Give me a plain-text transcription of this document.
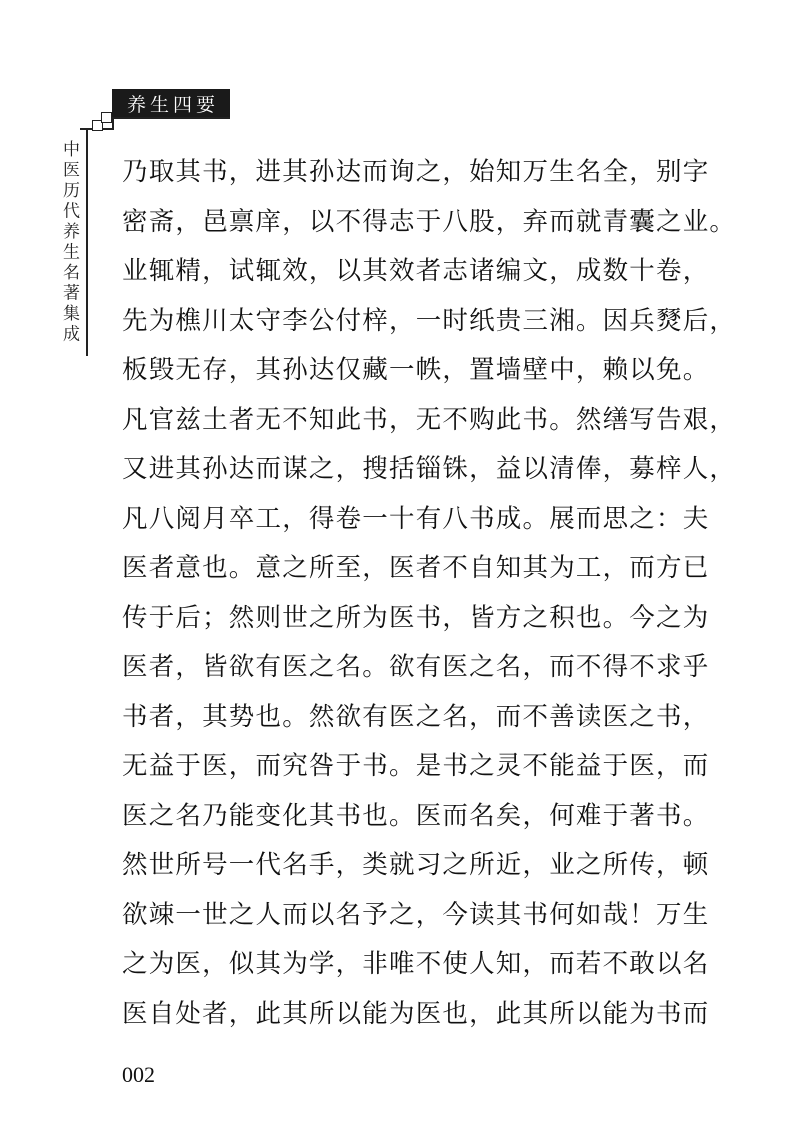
养生四要
中医历代养生名著集成 乃取其书，进其孙达而询之，始知万生名全，别字
密斋，邑禀庠，以不得志于八股，弃而就青囊之业。
业辄精，试辄效，以其效者志诸编文，成数十卷，
先为樵川太守李公付梓，一时纸贵三湘。因兵燹后，
板毁无存，其孙达仅藏一帙，置墙壁中，赖以免。
凡官兹土者无不知此书，无不购此书。然缮写告艰，
又进其孙达而谋之，搜括锱铢，益以清俸，募梓人，
凡八阅月卒工，得卷一十有八书成。展而思之：夫
医者意也。意之所至，医者不自知其为工，而方已
传于后；然则世之所为医书，皆方之积也。今之为
医者，皆欲有医之名。欲有医之名，而不得不求乎
书者，其势也。然欲有医之名，而不善读医之书，
无益于医，而究咎于书。是书之灵不能益于医，而
医之名乃能变化其书也。医而名矣，何难于著书。
然世所号一代名手，类就习之所近，业之所传，顿
欲竦一世之人而以名予之，今读其书何如哉！万生
之为医，似其为学，非唯不使人知，而若不敢以名
医自处者，此其所以能为医也，此其所以能为书而
002
